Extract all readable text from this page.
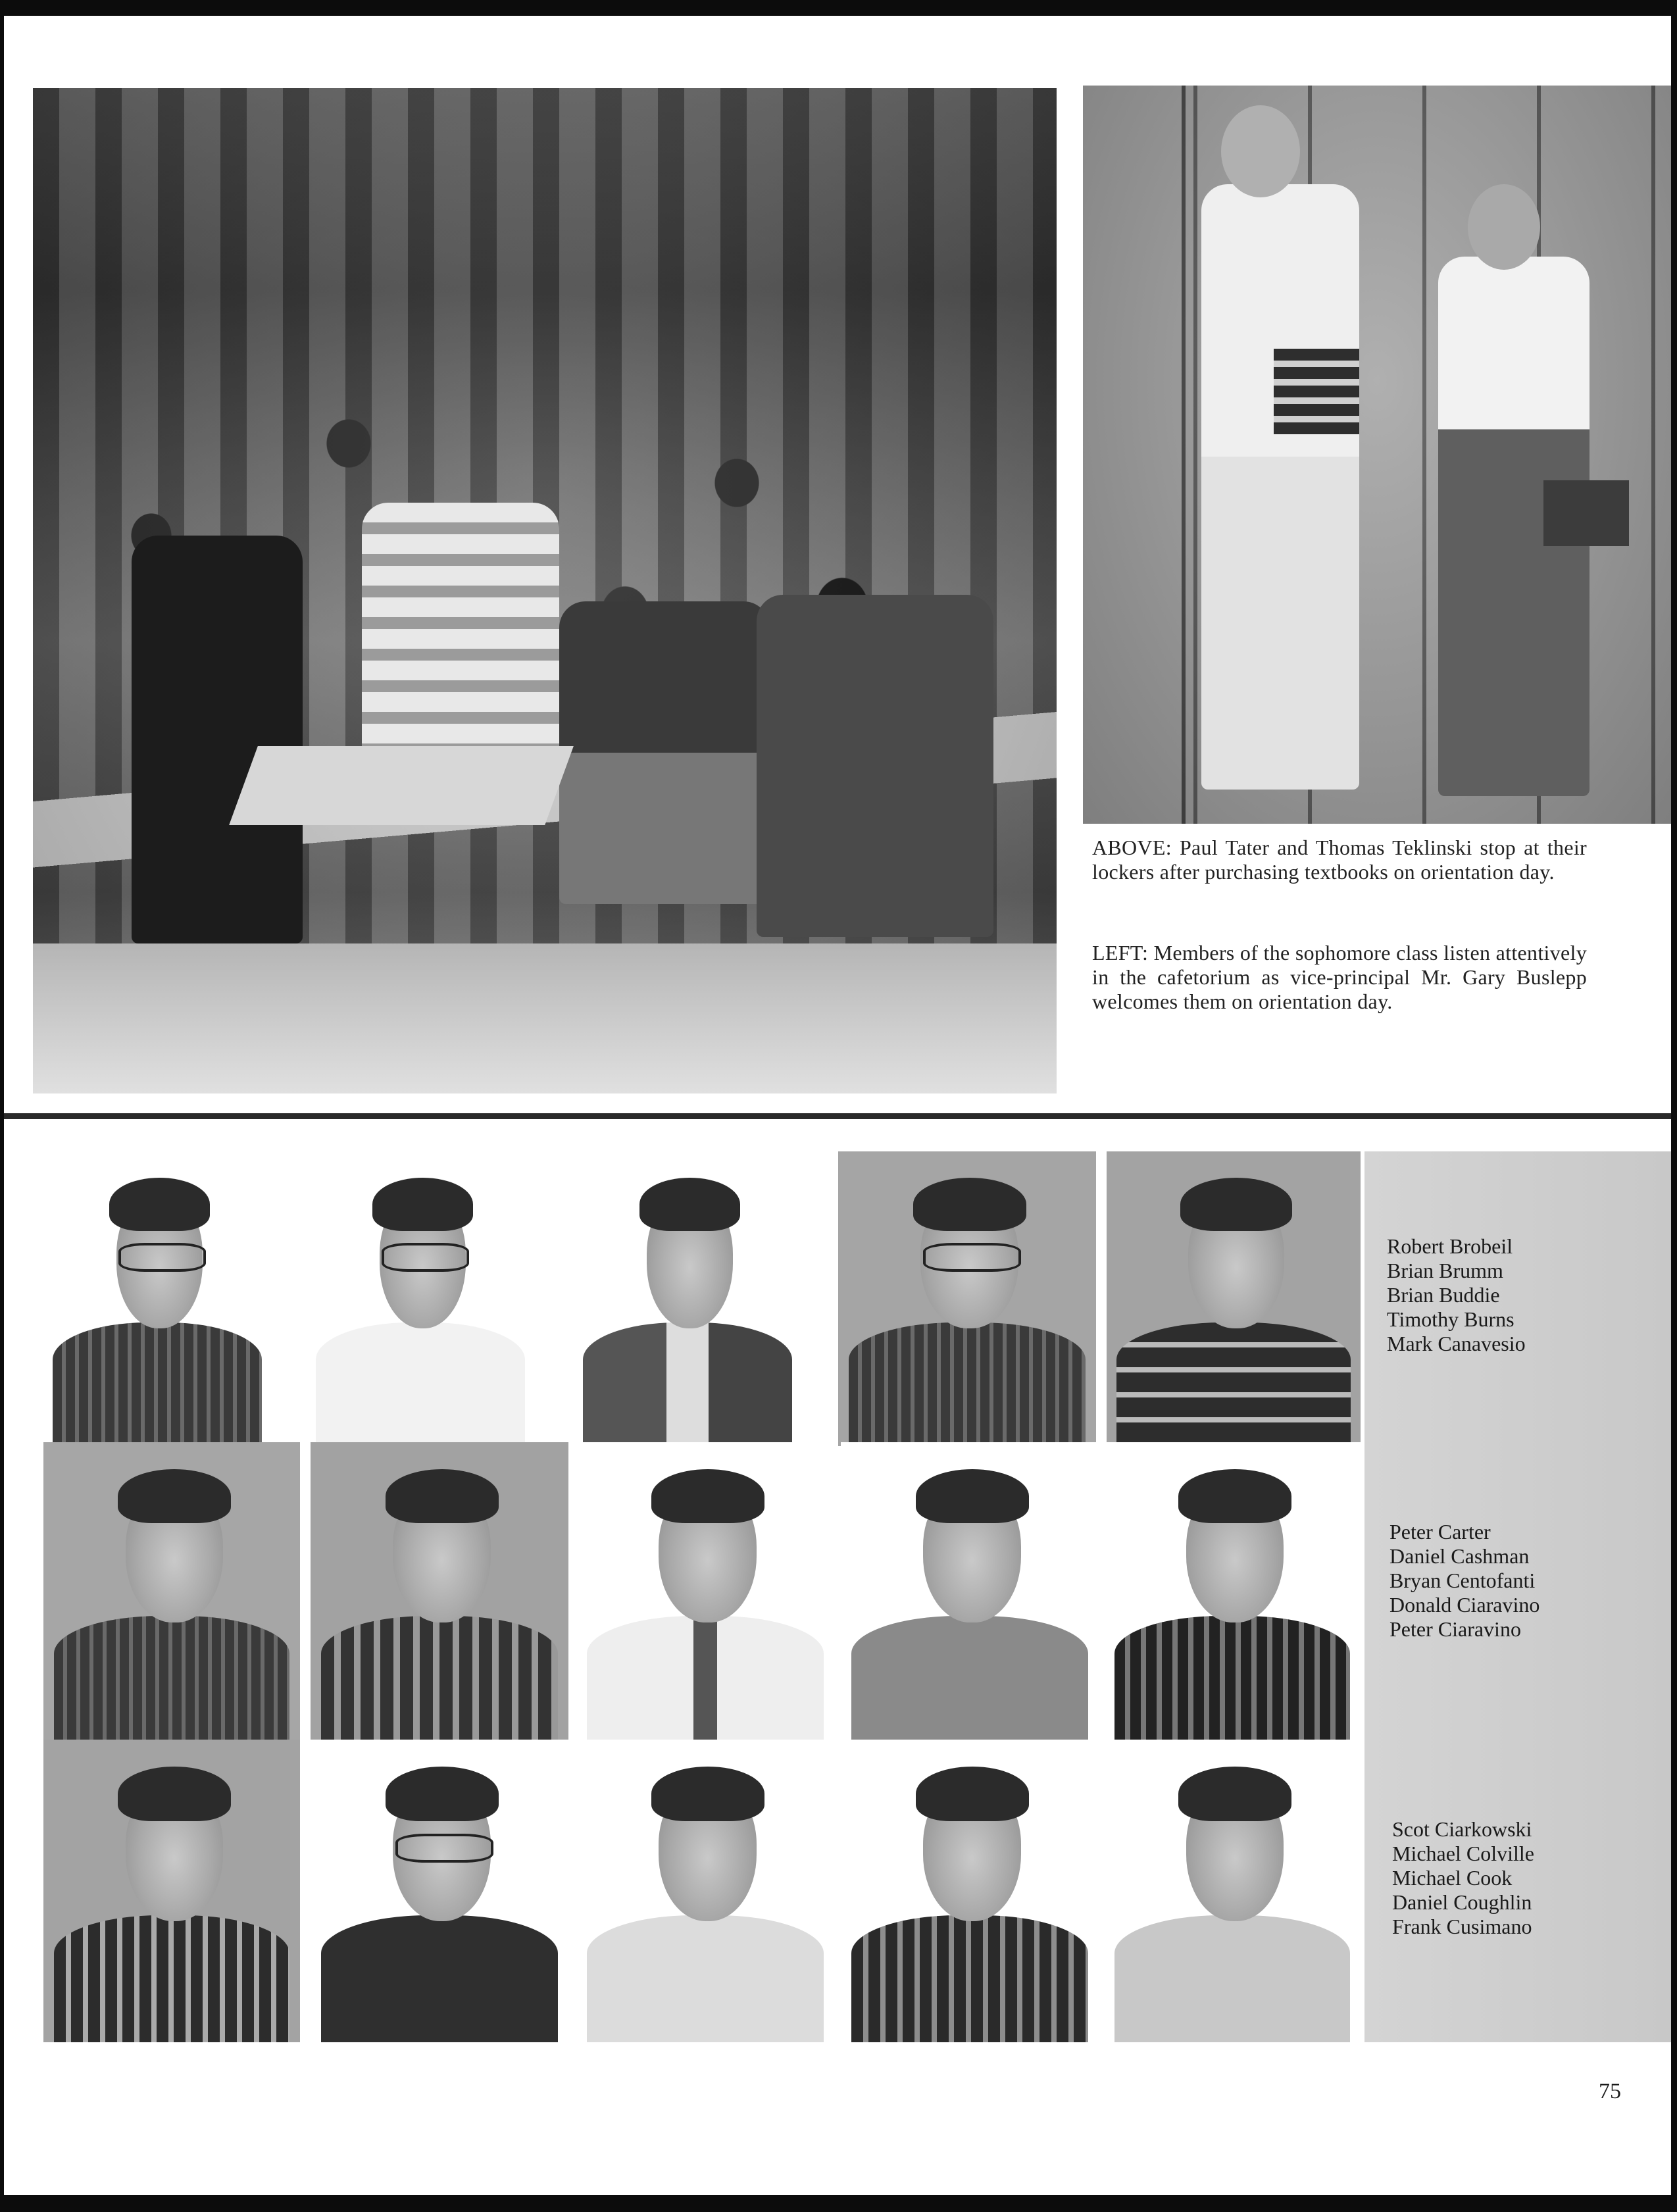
ABOVE: Paul Tater and Thomas Teklinski stop at their lockers after purchasing textbooks on orientation day.
LEFT: Members of the sophomore class listen attentively in the cafetorium as vice-principal Mr. Gary Buslepp welcomes them on orientation day.
Robert Brobeil
Brian Brumm
Brian Buddie
Timothy Burns
Mark Canavesio
Peter Carter
Daniel Cashman
Bryan Centofanti
Donald Ciaravino
Peter Ciaravino
Scot Ciarkowski
Michael Colville
Michael Cook
Daniel Coughlin
Frank Cusimano
75
